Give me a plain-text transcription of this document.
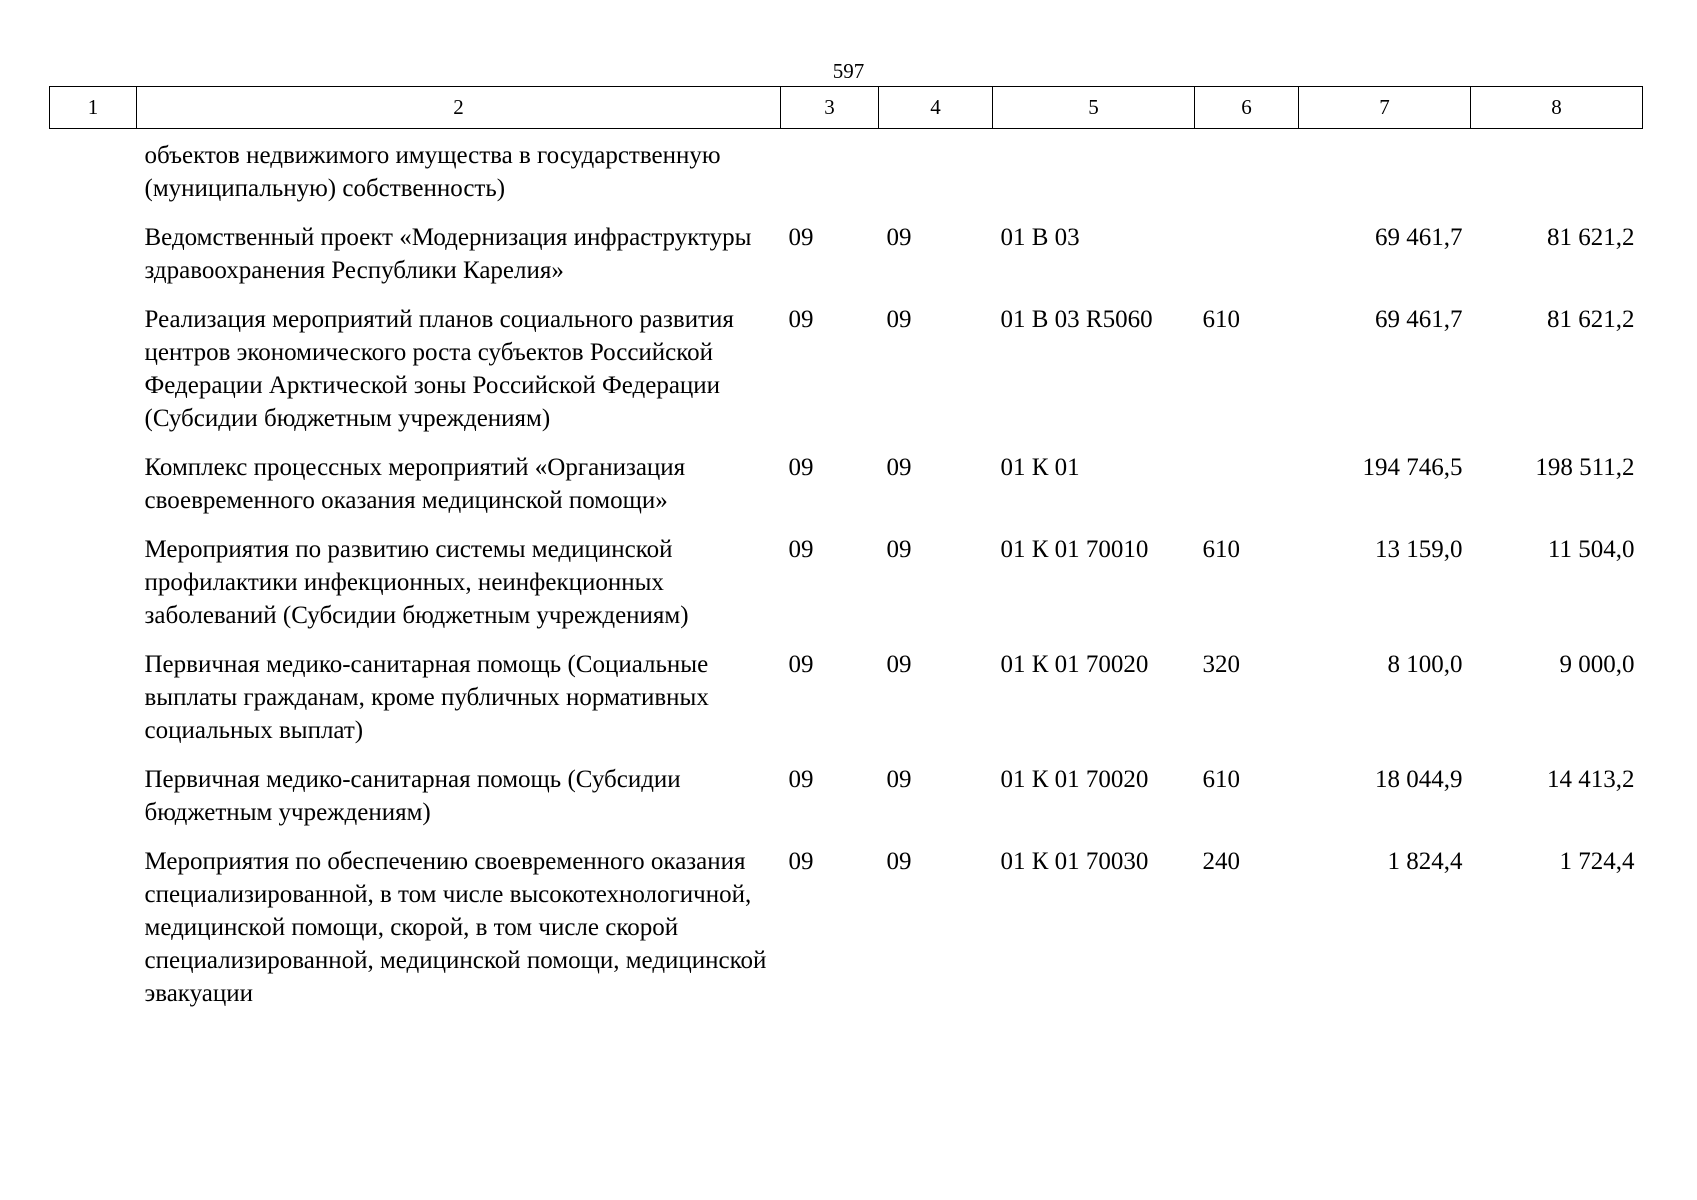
597
1	2	3	4	5	6	7	8
	объектов недвижимого имущества в государственную (муниципальную) собственность)						
	Ведомственный проект «Модернизация инфраструктуры здравоохранения Республики Карелия»	09	09	01 В 03		69 461,7	81 621,2
	Реализация мероприятий планов социального развития центров экономического роста субъектов Российской Федерации Арктической зоны Российской Федерации (Субсидии бюджетным учреждениям)	09	09	01 В 03 R5060	610	69 461,7	81 621,2
	Комплекс процессных мероприятий «Организация своевременного оказания медицинской помощи»	09	09	01 К 01		194 746,5	198 511,2
	Мероприятия по развитию системы медицинской профилактики инфекционных, неинфекционных заболеваний (Субсидии бюджетным учреждениям)	09	09	01 К 01 70010	610	13 159,0	11 504,0
	Первичная медико-санитарная помощь (Социальные выплаты гражданам, кроме публичных нормативных социальных выплат)	09	09	01 К 01 70020	320	8 100,0	9 000,0
	Первичная медико-санитарная помощь (Субсидии бюджетным учреждениям)	09	09	01 К 01 70020	610	18 044,9	14 413,2
	Мероприятия по обеспечению своевременного оказания специализированной, в том числе высокотехнологичной, медицинской помощи, скорой, в том числе скорой специализированной, медицинской помощи, медицинской эвакуации	09	09	01 К 01 70030	240	1 824,4	1 724,4
